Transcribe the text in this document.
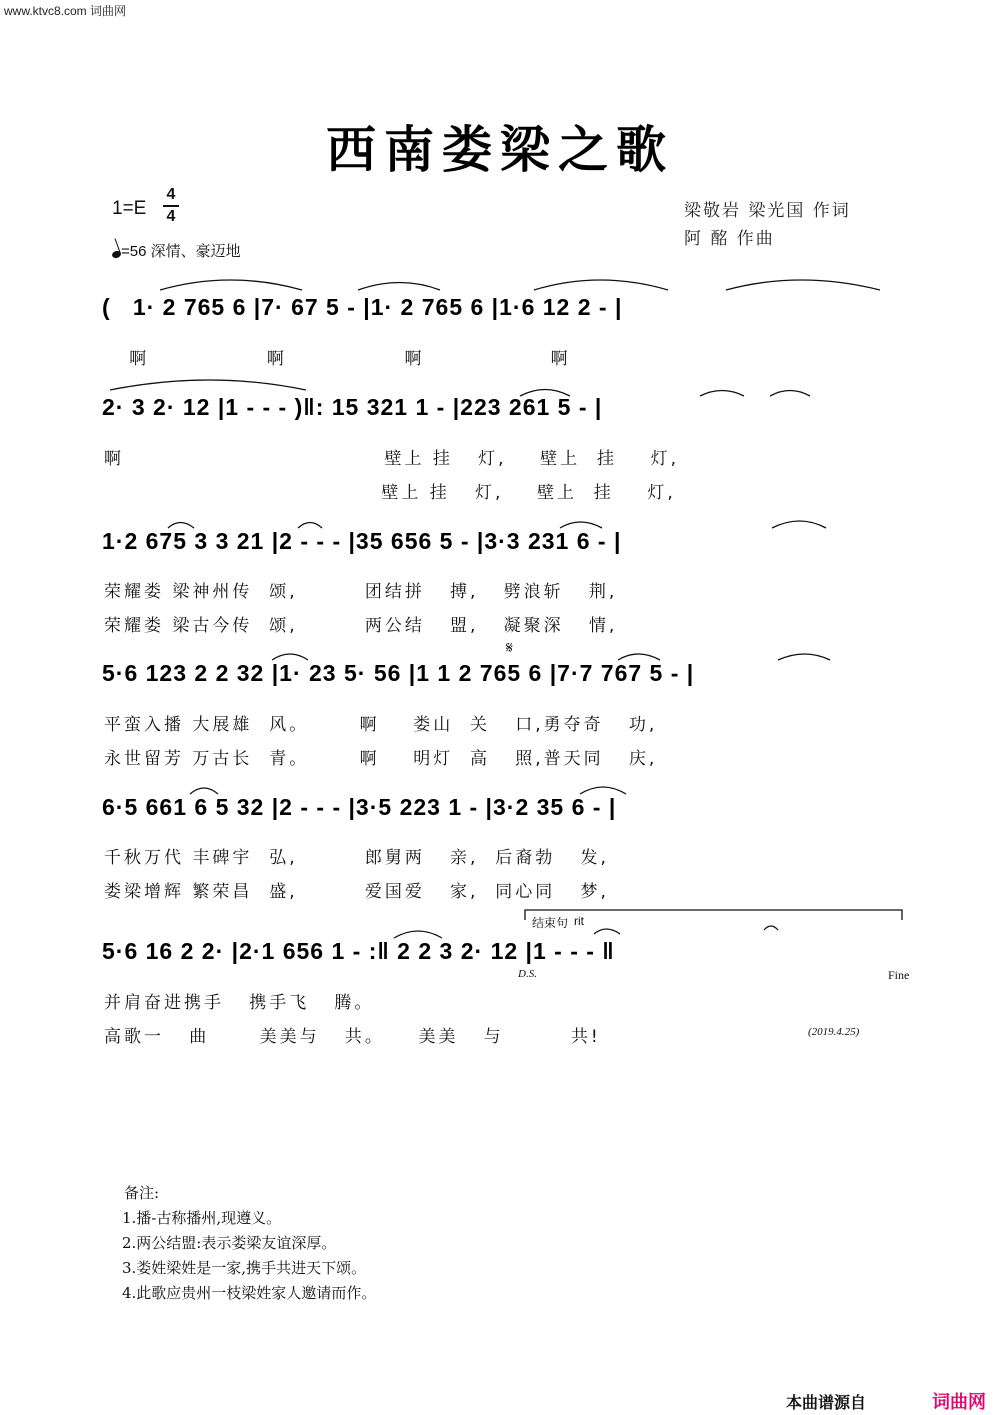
www.ktvc8.com 词曲网
西南娄梁之歌
1=E
4
4
=56 深情、豪迈地
梁敬岩 梁光国 作词
阿 酩 作曲
(   1· 2 765 6 |7· 67 5 - |1· 2 765 6 |1·6 12 2 - |
啊              啊              啊               啊
2· 3 2· 12 |1 - - - )‖: 15 321 1 - |223 261 5 - |
啊                               壁上 挂   灯,    壁上  挂    灯,
壁上 挂   灯,    壁上  挂    灯,
1·2 675 3 3 21 |2 - - - |35 656 5 - |3·3 231 6 - |
荣耀娄 梁神州传  颂,        团结拼   搏,   劈浪斩   荆,
荣耀娄 梁古今传  颂,        两公结   盟,   凝聚深   情,
5·6 123 2 2 32 |1· 23 5· 56 |1 1 2 765 6 |7·7 767 5 - |
平蛮入播 大展雄  风。      啊    娄山  关   口,勇夺奇   功,
永世留芳 万古长  青。      啊    明灯  高   照,普天同   庆,
6·5 661 6 5 32 |2 - - - |3·5 223 1 - |3·2 35 6 - |
千秋万代 丰碑宇  弘,        郎舅两   亲,  后裔勃   发,
娄梁增辉 繁荣昌  盛,        爱国爱   家,  同心同   梦,
5·6 16 2 2· |2·1 656 1 - :‖ 2 2 3 2· 12 |1 - - - ‖
并肩奋进携手   携手飞   腾。
高歌一   曲      美美与   共。    美美   与        共!
结束句 rit
D.S.	Fine
𝄋
(2019.4.25)
备注:
1.播-古称播州,现遵义。
2.两公结盟:表示娄梁友谊深厚。
3.娄姓梁姓是一家,携手共进天下颂。
4.此歌应贵州一枝梁姓家人邀请而作。
本曲谱源自	词曲网
